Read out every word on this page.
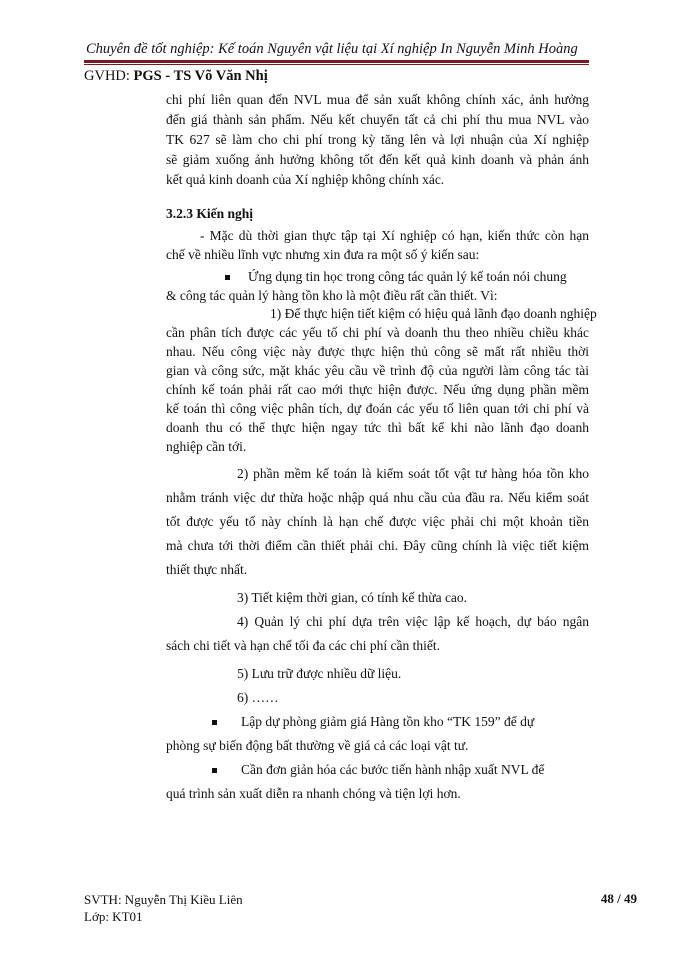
Chuyên đề tốt nghiệp: Kế toán Nguyên vật liệu tại Xí nghiệp In Nguyễn Minh Hoàng
GVHD: PGS - TS Võ Văn Nhị
chi phí liên quan đến NVL mua để sản xuất không chính xác, ảnh hưởng
đến giá thành sản phẩm. Nếu kết chuyển tất cả chi phí thu mua NVL vào
TK 627 sẽ làm cho chi phí trong kỳ tăng lên và lợi nhuận của Xí nghiệp
sẽ giảm xuống ảnh hưởng không tốt đến kết quả kinh doanh và phản ánh
kết quả kinh doanh của Xí nghiệp không chính xác.
3.2.3 Kiến nghị
- Mặc dù thời gian thực tập tại Xí nghiệp có hạn, kiến thức còn hạn
chế về nhiều lĩnh vực nhưng xin đưa ra một số ý kiến sau:
Ứng dụng tin học trong công tác quản lý kế toán nói chung
& công tác quản lý hàng tồn kho là một điều rất cần thiết. Vì:
1) Để thực hiện tiết kiệm có hiệu quả lãnh đạo doanh nghiệp
cần phân tích được các yếu tố chi phí và doanh thu theo nhiều chiều khác
nhau. Nếu công việc này được thực hiện thủ công sẽ mất rất nhiều thời
gian và công sức, mặt khác yêu cầu về trình độ của người làm công tác tài
chính kế toán phải rất cao mới thực hiện được. Nếu ứng dụng phần mềm
kế toán thì công việc phân tích, dự đoán các yếu tố liên quan tới chi phí và
doanh thu có thể thực hiện ngay tức thì bất kể khi nào lãnh đạo doanh
nghiệp cần tới.
2) phần mềm kế toán là kiểm soát tốt vật tư hàng hóa tồn kho
nhằm tránh việc dư thừa hoặc nhập quá nhu cầu của đầu ra. Nếu kiểm soát
tốt được yếu tố này chính là hạn chế được việc phải chi một khoản tiền
mà chưa tới thời điểm cần thiết phải chi. Đây cũng chính là việc tiết kiệm
thiết thực nhất.
3) Tiết kiệm thời gian, có tính kế thừa cao.
4) Quản lý chi phí dựa trên việc lập kế hoạch, dự báo ngân
sách chi tiết và hạn chế tối đa các chi phí cần thiết.
5) Lưu trữ được nhiều dữ liệu.
6) ……
Lập dự phòng giảm giá Hàng tồn kho “TK 159” để dự
phòng sự biến động bất thường về giá cả các loại vật tư.
Cần đơn giản hóa các bước tiến hành nhập xuất NVL để
quá trình sản xuất diễn ra nhanh chóng và tiện lợi hơn.
SVTH: Nguyễn Thị Kiều Liên
Lớp: KT01
48 / 49
